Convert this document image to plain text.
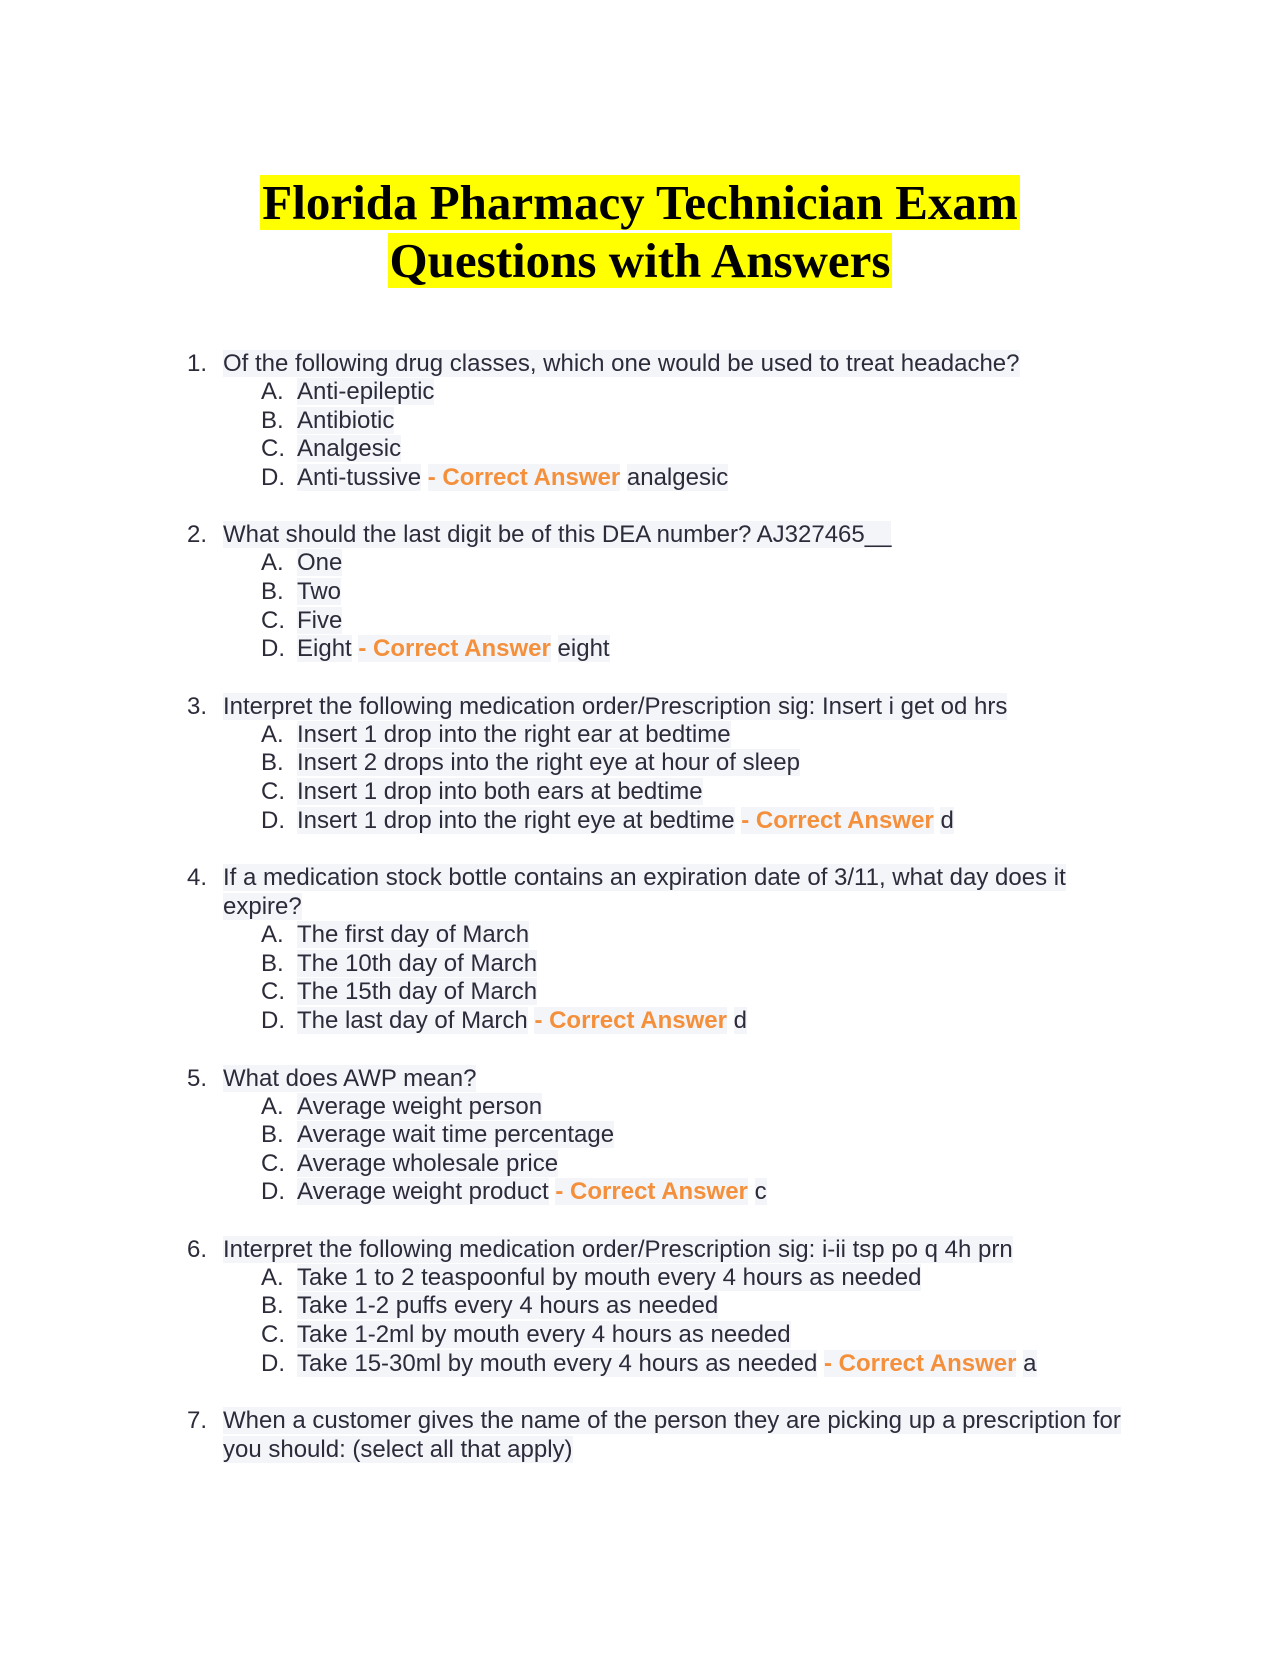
Florida Pharmacy Technician Exam
Questions with Answers
1. Of the following drug classes, which one would be used to treat headache?
A. Anti-epileptic
B. Antibiotic
C. Analgesic
D. Anti-tussive - Correct Answer analgesic
2. What should the last digit be of this DEA number? AJ327465__
A. One
B. Two
C. Five
D. Eight - Correct Answer eight
3. Interpret the following medication order/Prescription sig: Insert i get od hrs
A. Insert 1 drop into the right ear at bedtime
B. Insert 2 drops into the right eye at hour of sleep
C. Insert 1 drop into both ears at bedtime
D. Insert 1 drop into the right eye at bedtime - Correct Answer d
4. If a medication stock bottle contains an expiration date of 3/11, what day does it expire?
A. The first day of March
B. The 10th day of March
C. The 15th day of March
D. The last day of March - Correct Answer d
5. What does AWP mean?
A. Average weight person
B. Average wait time percentage
C. Average wholesale price
D. Average weight product - Correct Answer c
6. Interpret the following medication order/Prescription sig: i-ii tsp po q 4h prn
A. Take 1 to 2 teaspoonful by mouth every 4 hours as needed
B. Take 1-2 puffs every 4 hours as needed
C. Take 1-2ml by mouth every 4 hours as needed
D. Take 15-30ml by mouth every 4 hours as needed - Correct Answer a
7. When a customer gives the name of the person they are picking up a prescription for you should: (select all that apply)
